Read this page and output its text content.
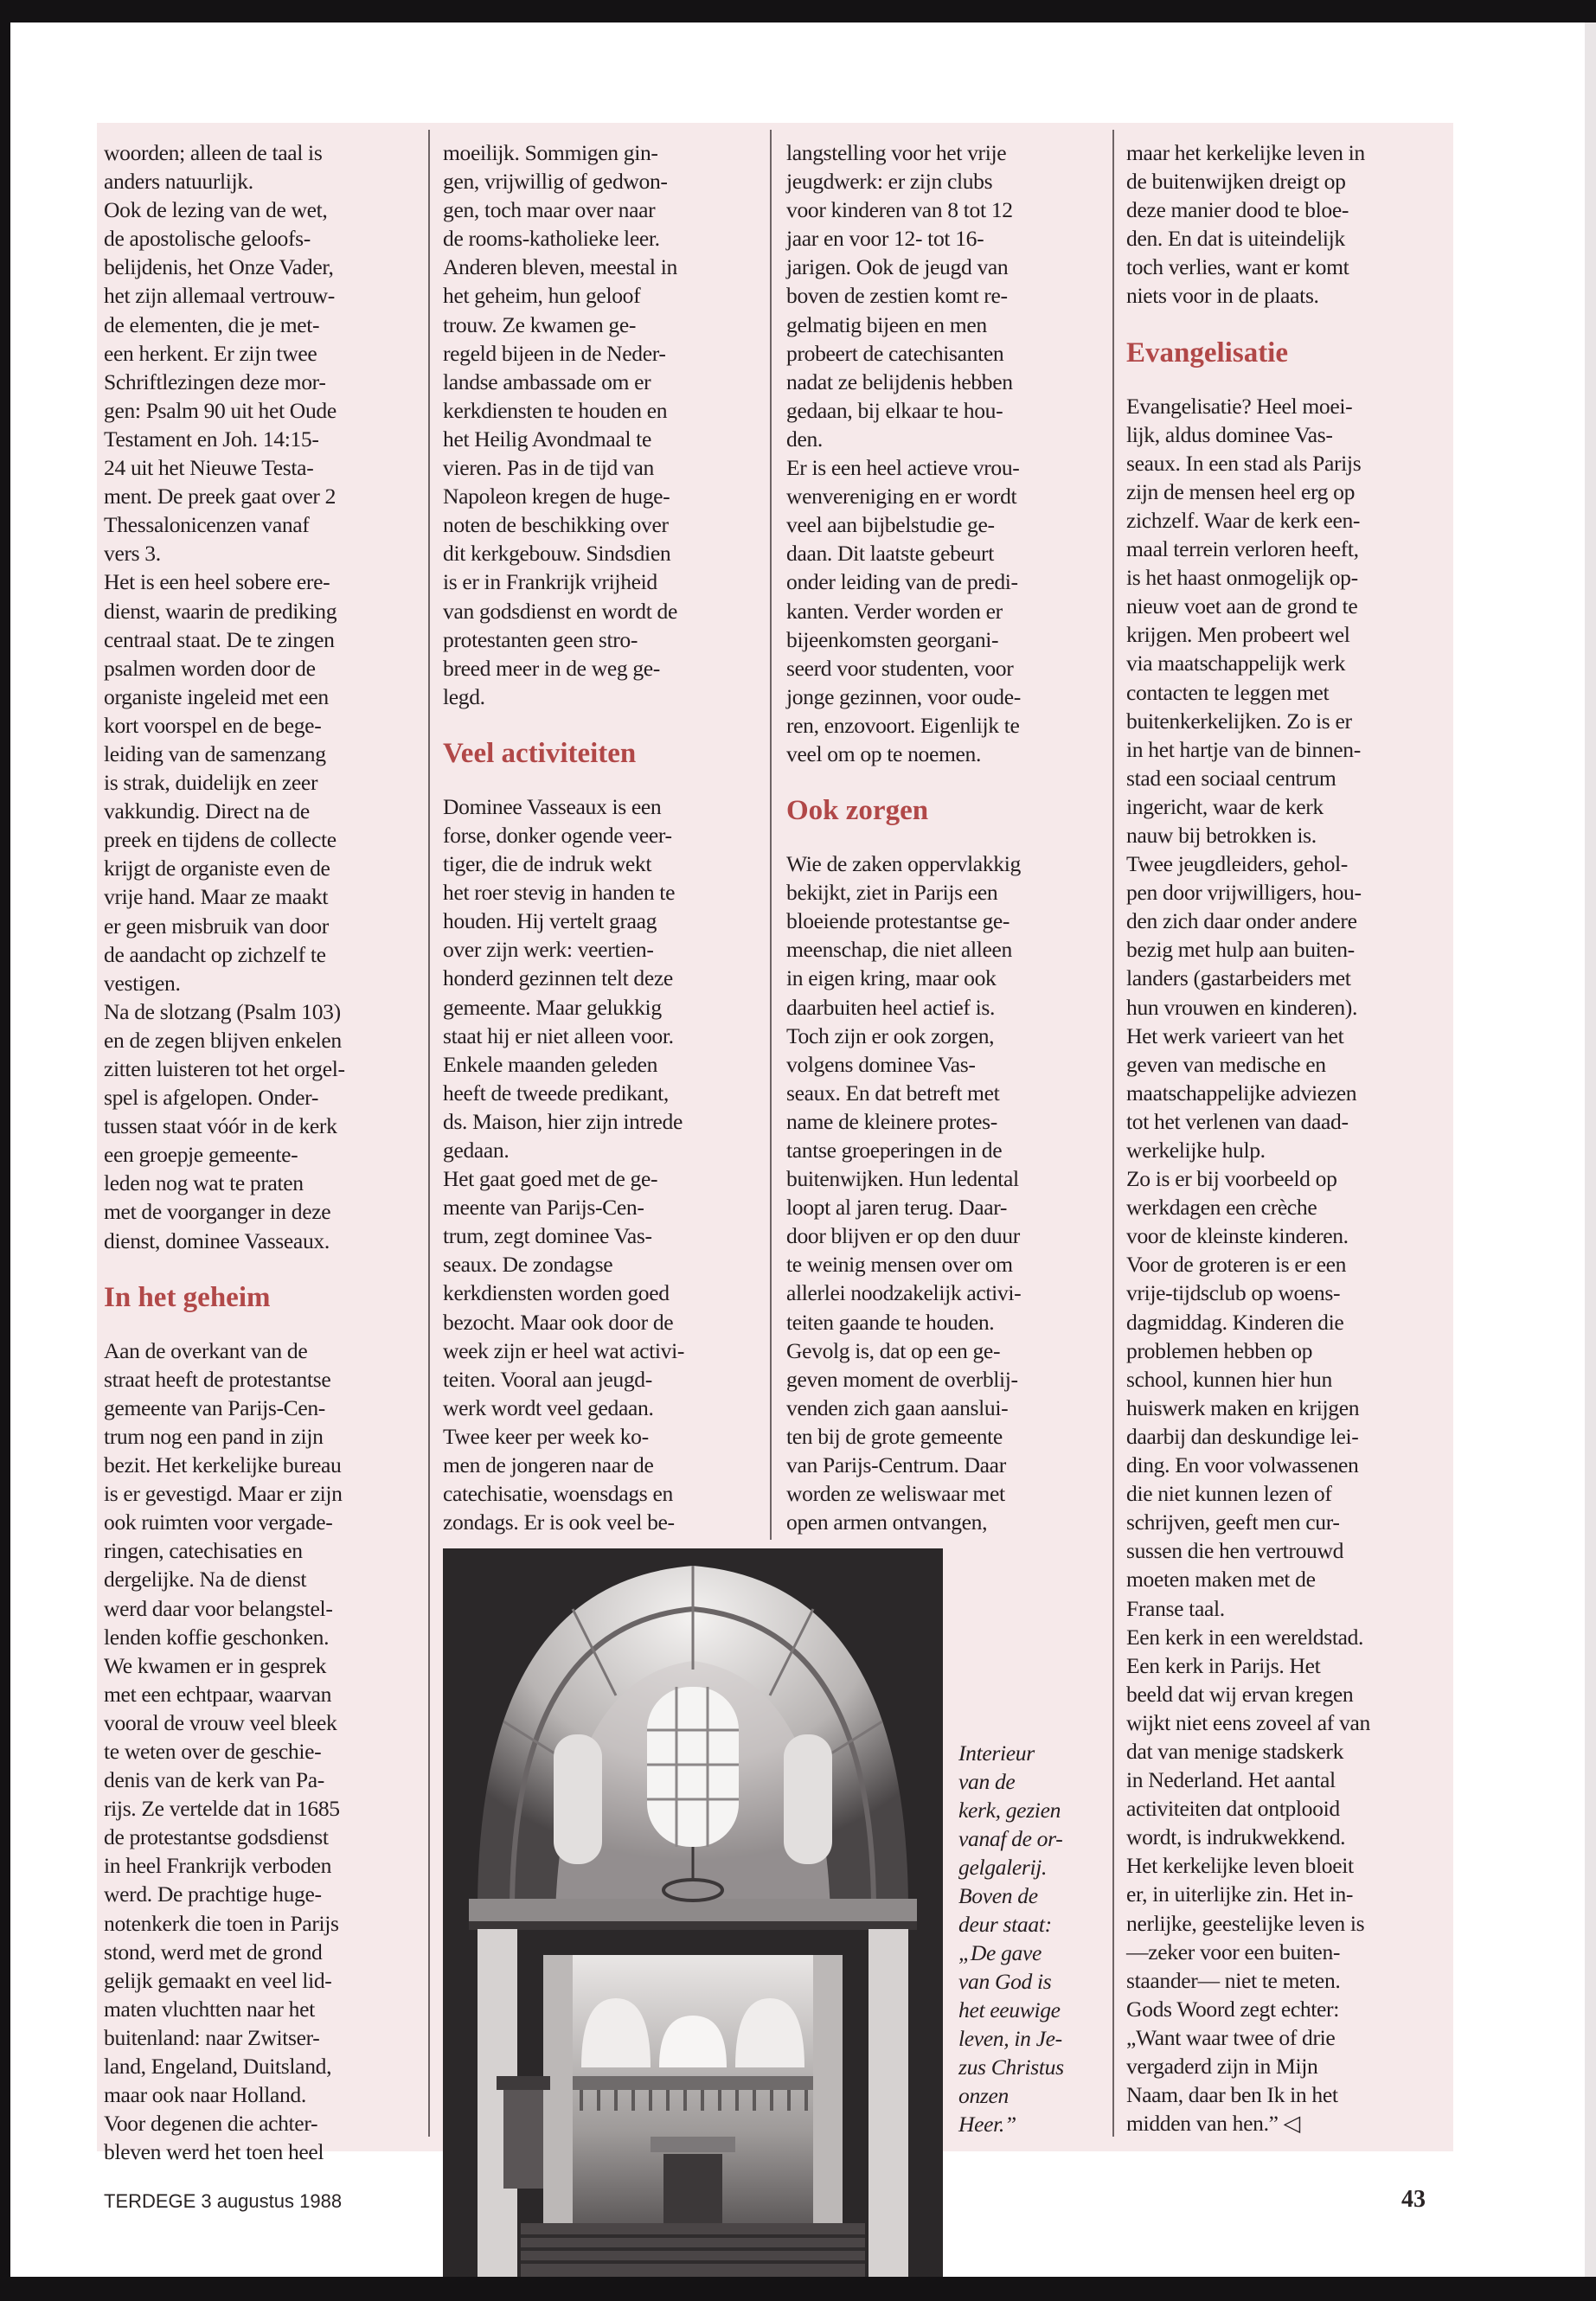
woorden; alleen de taal is
anders natuurlijk.
Ook de lezing van de wet,
de apostolische geloofs-
belijdenis, het Onze Vader,
het zijn allemaal vertrouw-
de elementen, die je met-
een herkent. Er zijn twee
Schriftlezingen deze mor-
gen: Psalm 90 uit het Oude
Testament en Joh. 14:15-
24 uit het Nieuwe Testa-
ment. De preek gaat over 2
Thessalonicenzen vanaf
vers 3.
Het is een heel sobere ere-
dienst, waarin de prediking
centraal staat. De te zingen
psalmen worden door de
organiste ingeleid met een
kort voorspel en de bege-
leiding van de samenzang
is strak, duidelijk en zeer
vakkundig. Direct na de
preek en tijdens de collecte
krijgt de organiste even de
vrije hand. Maar ze maakt
er geen misbruik van door
de aandacht op zichzelf te
vestigen.
Na de slotzang (Psalm 103)
en de zegen blijven enkelen
zitten luisteren tot het orgel-
spel is afgelopen. Onder-
tussen staat vóór in de kerk
een groepje gemeente-
leden nog wat te praten
met de voorganger in deze
dienst, dominee Vasseaux.

In het geheim

Aan de overkant van de
straat heeft de protestantse
gemeente van Parijs-Cen-
trum nog een pand in zijn
bezit. Het kerkelijke bureau
is er gevestigd. Maar er zijn
ook ruimten voor vergade-
ringen, catechisaties en
dergelijke. Na de dienst
werd daar voor belangstel-
lenden koffie geschonken.
We kwamen er in gesprek
met een echtpaar, waarvan
vooral de vrouw veel bleek
te weten over de geschie-
denis van de kerk van Pa-
rijs. Ze vertelde dat in 1685
de protestantse godsdienst
in heel Frankrijk verboden
werd. De prachtige huge-
notenkerk die toen in Parijs
stond, werd met de grond
gelijk gemaakt en veel lid-
maten vluchtten naar het
buitenland: naar Zwitser-
land, Engeland, Duitsland,
maar ook naar Holland.
Voor degenen die achter-
bleven werd het toen heel

moeilijk. Sommigen gin-
gen, vrijwillig of gedwon-
gen, toch maar over naar
de rooms-katholieke leer.
Anderen bleven, meestal in
het geheim, hun geloof
trouw. Ze kwamen ge-
regeld bijeen in de Neder-
landse ambassade om er
kerkdiensten te houden en
het Heilig Avondmaal te
vieren. Pas in de tijd van
Napoleon kregen de huge-
noten de beschikking over
dit kerkgebouw. Sindsdien
is er in Frankrijk vrijheid
van godsdienst en wordt de
protestanten geen stro-
breed meer in de weg ge-
legd.

Veel activiteiten

Dominee Vasseaux is een
forse, donker ogende veer-
tiger, die de indruk wekt
het roer stevig in handen te
houden. Hij vertelt graag
over zijn werk: veertien-
honderd gezinnen telt deze
gemeente. Maar gelukkig
staat hij er niet alleen voor.
Enkele maanden geleden
heeft de tweede predikant,
ds. Maison, hier zijn intrede
gedaan.
Het gaat goed met de ge-
meente van Parijs-Cen-
trum, zegt dominee Vas-
seaux. De zondagse
kerkdiensten worden goed
bezocht. Maar ook door de
week zijn er heel wat activi-
teiten. Vooral aan jeugd-
werk wordt veel gedaan.
Twee keer per week ko-
men de jongeren naar de
catechisatie, woensdags en
zondags. Er is ook veel be-

langstelling voor het vrije
jeugdwerk: er zijn clubs
voor kinderen van 8 tot 12
jaar en voor 12- tot 16-
jarigen. Ook de jeugd van
boven de zestien komt re-
gelmatig bijeen en men
probeert de catechisanten
nadat ze belijdenis hebben
gedaan, bij elkaar te hou-
den.
Er is een heel actieve vrou-
wenvereniging en er wordt
veel aan bijbelstudie ge-
daan. Dit laatste gebeurt
onder leiding van de predi-
kanten. Verder worden er
bijeenkomsten georgani-
seerd voor studenten, voor
jonge gezinnen, voor oude-
ren, enzovoort. Eigenlijk te
veel om op te noemen.

Ook zorgen

Wie de zaken oppervlakkig
bekijkt, ziet in Parijs een
bloeiende protestantse ge-
meenschap, die niet alleen
in eigen kring, maar ook
daarbuiten heel actief is.
Toch zijn er ook zorgen,
volgens dominee Vas-
seaux. En dat betreft met
name de kleinere protes-
tantse groeperingen in de
buitenwijken. Hun ledental
loopt al jaren terug. Daar-
door blijven er op den duur
te weinig mensen over om
allerlei noodzakelijk activi-
teiten gaande te houden.
Gevolg is, dat op een ge-
geven moment de overblij-
venden zich gaan aanslui-
ten bij de grote gemeente
van Parijs-Centrum. Daar
worden ze weliswaar met
open armen ontvangen,

maar het kerkelijke leven in
de buitenwijken dreigt op
deze manier dood te bloe-
den. En dat is uiteindelijk
toch verlies, want er komt
niets voor in de plaats.

Evangelisatie

Evangelisatie? Heel moei-
lijk, aldus dominee Vas-
seaux. In een stad als Parijs
zijn de mensen heel erg op
zichzelf. Waar de kerk een-
maal terrein verloren heeft,
is het haast onmogelijk op-
nieuw voet aan de grond te
krijgen. Men probeert wel
via maatschappelijk werk
contacten te leggen met
buitenkerkelijken. Zo is er
in het hartje van de binnen-
stad een sociaal centrum
ingericht, waar de kerk
nauw bij betrokken is.
Twee jeugdleiders, gehol-
pen door vrijwilligers, hou-
den zich daar onder andere
bezig met hulp aan buiten-
landers (gastarbeiders met
hun vrouwen en kinderen).
Het werk varieert van het
geven van medische en
maatschappelijke adviezen
tot het verlenen van daad-
werkelijke hulp.
Zo is er bij voorbeeld op
werkdagen een crèche
voor de kleinste kinderen.
Voor de groteren is er een
vrije-tijdsclub op woens-
dagmiddag. Kinderen die
problemen hebben op
school, kunnen hier hun
huiswerk maken en krijgen
daarbij dan deskundige lei-
ding. En voor volwassenen
die niet kunnen lezen of
schrijven, geeft men cur-
sussen die hen vertrouwd
moeten maken met de
Franse taal.
Een kerk in een wereldstad.
Een kerk in Parijs. Het
beeld dat wij ervan kregen
wijkt niet eens zoveel af van
dat van menige stadskerk
in Nederland. Het aantal
activiteiten dat ontplooid
wordt, is indrukwekkend.
Het kerkelijke leven bloeit
er, in uiterlijke zin. Het in-
nerlijke, geestelijke leven is
—zeker voor een buiten-
staander— niet te meten.
Gods Woord zegt echter:
„Want waar twee of drie
vergaderd zijn in Mijn
Naam, daar ben Ik in het
midden van hen.” ◁

Interieur
van de
kerk, gezien
vanaf de or-
gelgalerij.
Boven de
deur staat:
„De gave
van God is
het eeuwige
leven, in Je-
zus Christus
onzen
Heer.”
TERDEGE 3 augustus 1988	43
